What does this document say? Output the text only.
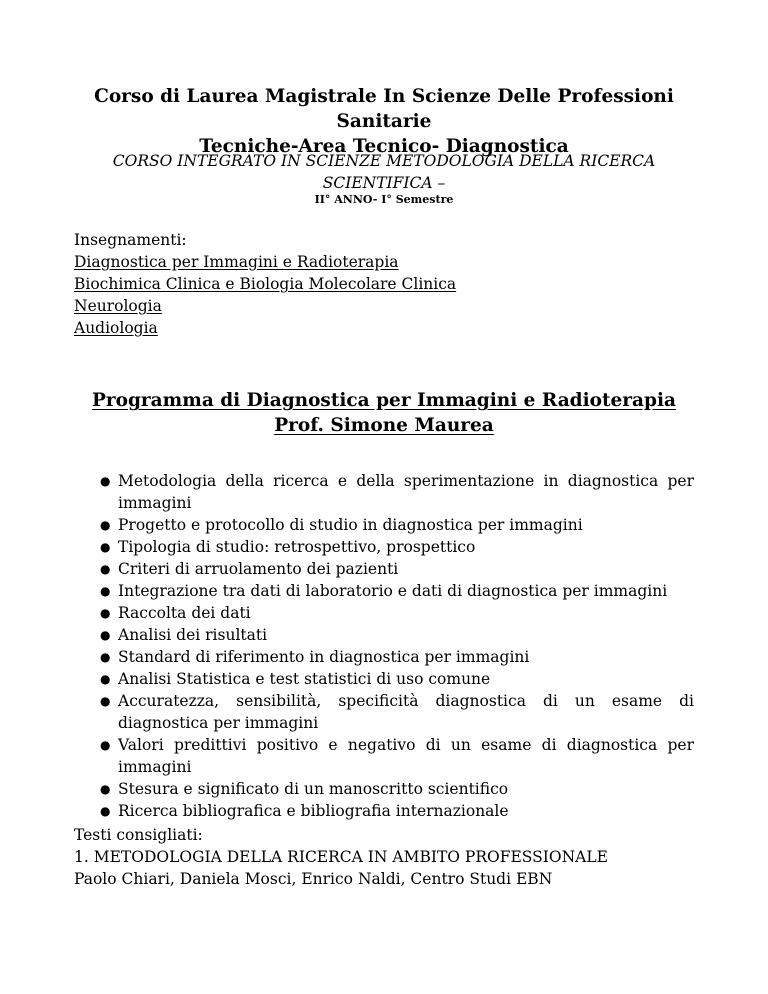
Corso di Laurea Magistrale In Scienze Delle Professioni Sanitarie
Tecniche-Area Tecnico- Diagnostica
CORSO INTEGRATO IN SCIENZE METODOLOGIA DELLA RICERCA
SCIENTIFICA –
II° ANNO- I° Semestre
Insegnamenti:
Diagnostica per Immagini e Radioterapia
Biochimica Clinica e Biologia Molecolare Clinica
Neurologia
Audiologia
Programma di Diagnostica per Immagini e Radioterapia
Prof. Simone Maurea
● Metodologia della ricerca e della sperimentazione in diagnostica per immagini
● Progetto e protocollo di studio in diagnostica per immagini
● Tipologia di studio: retrospettivo, prospettico
● Criteri di arruolamento dei pazienti
● Integrazione tra dati di laboratorio e dati di diagnostica per immagini
● Raccolta dei dati
● Analisi dei risultati
● Standard di riferimento in diagnostica per immagini
● Analisi Statistica e test statistici di uso comune
● Accuratezza, sensibilità, specificità diagnostica di un esame di diagnostica per immagini
● Valori predittivi positivo e negativo di un esame di diagnostica per immagini
● Stesura e significato di un manoscritto scientifico
● Ricerca bibliografica e bibliografia internazionale
Testi consigliati:
1. METODOLOGIA DELLA RICERCA IN AMBITO PROFESSIONALE
Paolo Chiari, Daniela Mosci, Enrico Naldi, Centro Studi EBN
